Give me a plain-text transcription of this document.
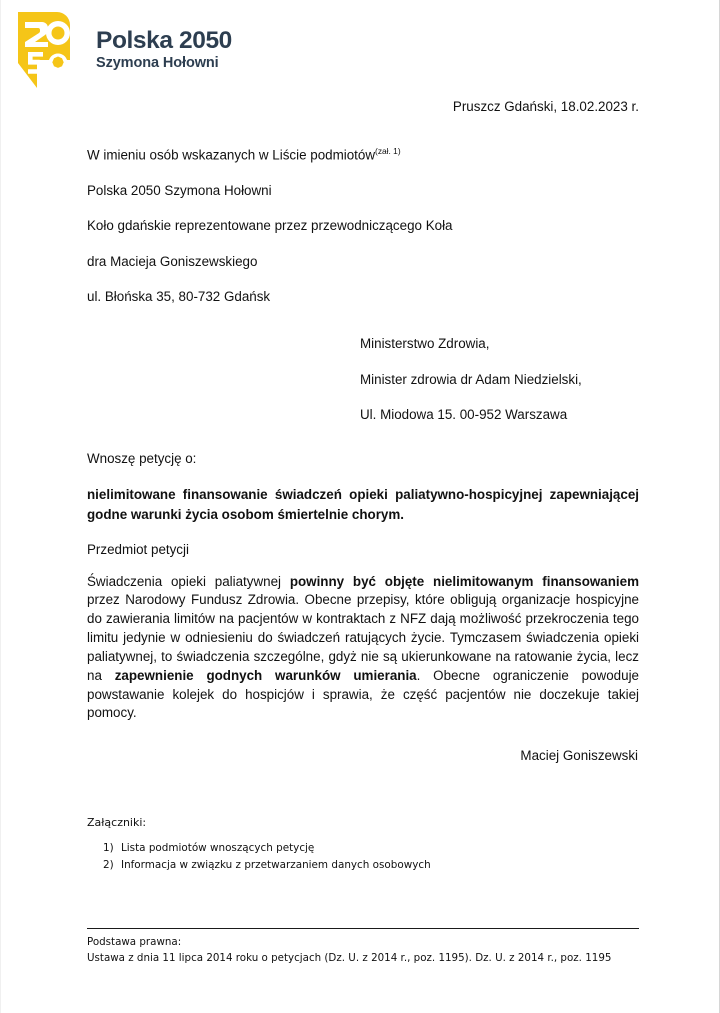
Polska 2050
Szymona Hołowni
Pruszcz Gdański, 18.02.2023 r.

W imieniu osób wskazanych w Liście podmiotów$^{(zał. 1)}$

Polska 2050 Szymona Hołowni

Koło gdańskie reprezentowane przez przewodniczącego Koła

dra Macieja Goniszewskiego

ul. Błońska 35, 80-732 Gdańsk

Ministerstwo Zdrowia,

Minister zdrowia dr Adam Niedzielski,

Ul. Miodowa 15. 00-952 Warszawa

Wnoszę petycję o:

nielimitowane finansowanie świadczeń opieki paliatywno-hospicyjnej zapewniającej godne warunki życia osobom śmiertelnie chorym.

Przedmiot petycji

Świadczenia opieki paliatywnej powinny być objęte nielimitowanym finansowaniem przez Narodowy Fundusz Zdrowia. Obecne przepisy, które obligują organizacje hospicyjne do zawierania limitów na pacjentów w kontraktach z NFZ dają możliwość przekroczenia tego limitu jedynie w odniesieniu do świadczeń ratujących życie. Tymczasem świadczenia opieki paliatywnej, to świadczenia szczególne, gdyż nie są ukierunkowane na ratowanie życia, lecz na zapewnienie godnych warunków umierania. Obecne ograniczenie powoduje powstawanie kolejek do hospicjów i sprawia, że część pacjentów nie doczekuje takiej pomocy.

Maciej Goniszewski

Załączniki:

1) Lista podmiotów wnoszących petycję
2) Informacja w związku z przetwarzaniem danych osobowych

Podstawa prawna:

Ustawa z dnia 11 lipca 2014 roku o petycjach (Dz. U. z 2014 r., poz. 1195). Dz. U. z 2014 r., poz. 1195
